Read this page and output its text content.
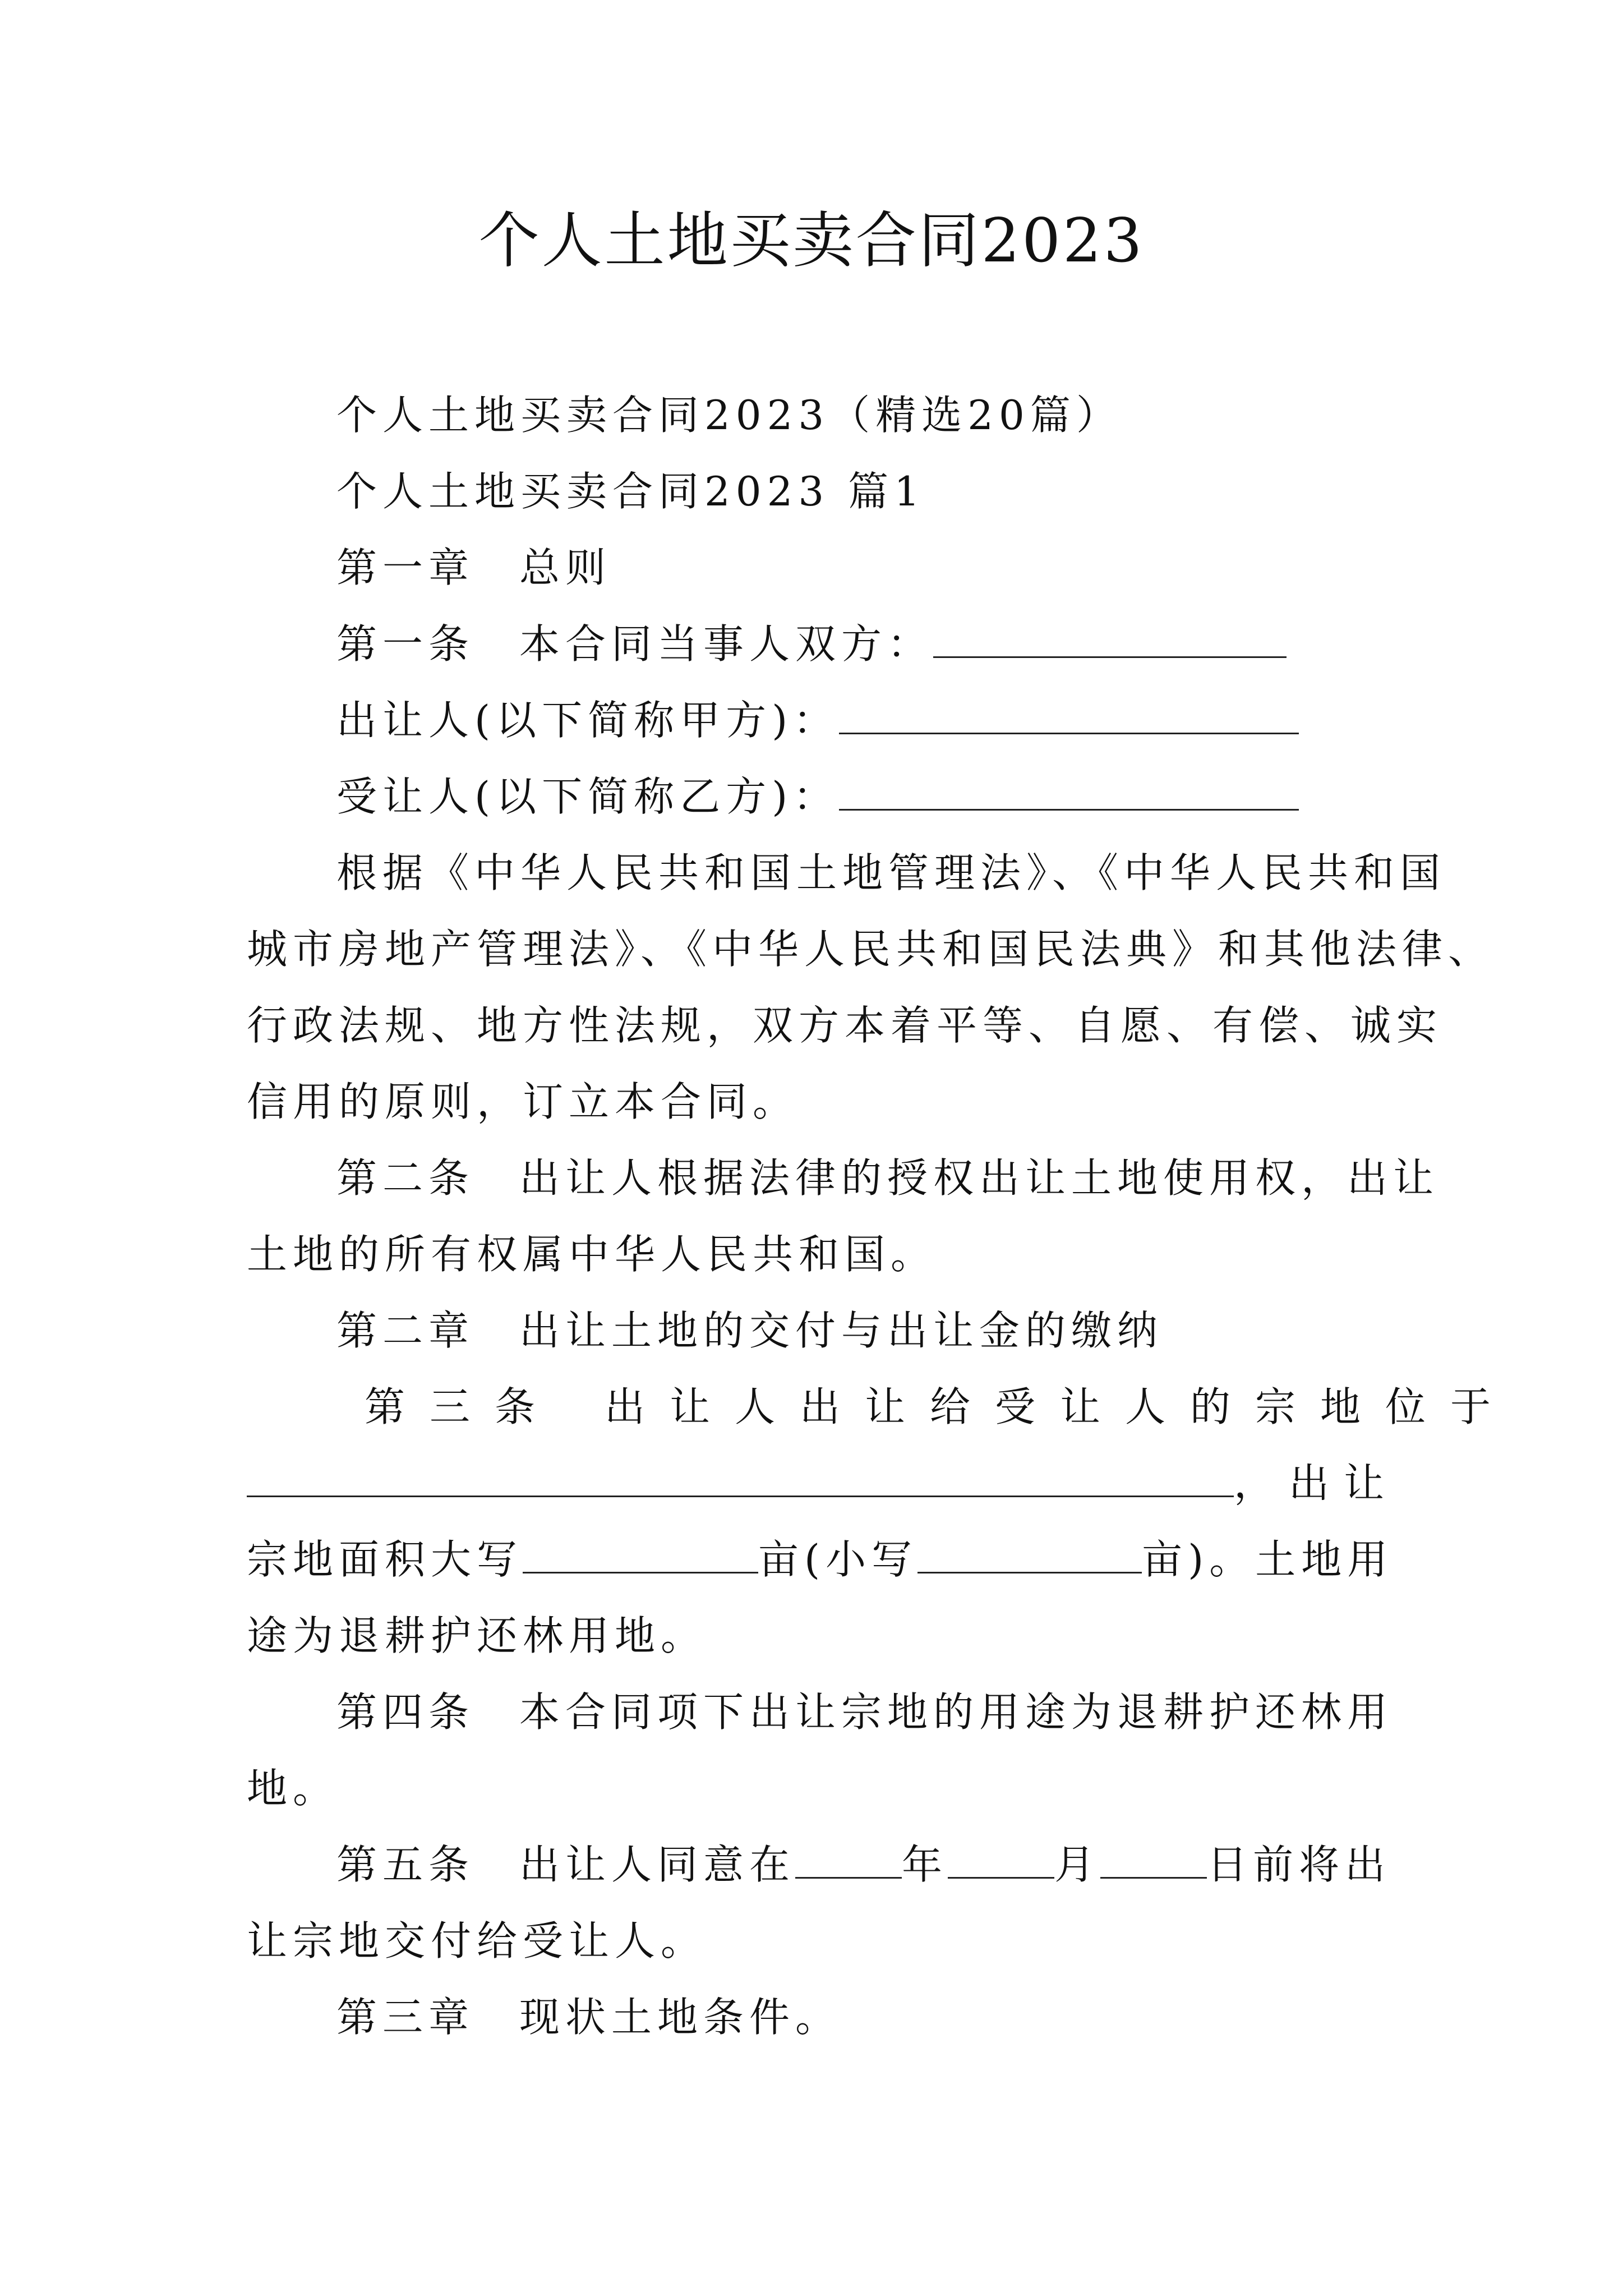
个人土地买卖合同2023
个人土地买卖合同2023（精选20篇）
个人土地买卖合同2023 篇1
第一章 总则
第一条 本合同当事人双方：
出让人(以下简称甲方)：
受让人(以下简称乙方)：
根据《中华人民共和国土地管理法》、《中华人民共和国
城市房地产管理法》、《中华人民共和国民法典》和其他法律、
行政法规、地方性法规，双方本着平等、自愿、有偿、诚实
信用的原则，订立本合同。
第二条 出让人根据法律的授权出让土地使用权，出让
土地的所有权属中华人民共和国。
第二章 出让土地的交付与出让金的缴纳
第三条 出让人出让给受让人的宗地位于
，出让
宗地面积大写	亩(小写	亩)。土地用
途为退耕护还林用地。
第四条 本合同项下出让宗地的用途为退耕护还林用
地。
第五条 出让人同意在	年	月	日前将出
让宗地交付给受让人。
第三章 现状土地条件。
